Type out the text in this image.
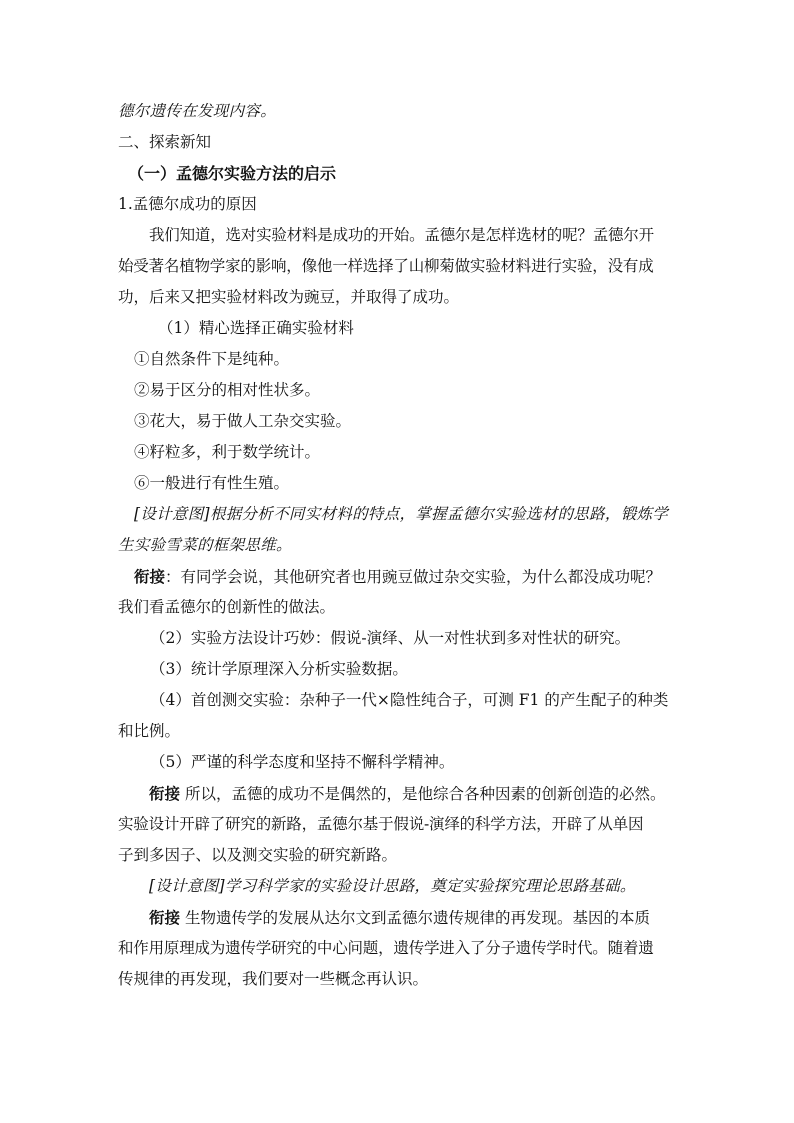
德尔遗传在发现内容。
二、探索新知
（一）孟德尔实验方法的启示
1.孟德尔成功的原因
我们知道，选对实验材料是成功的开始。孟德尔是怎样选材的呢？孟德尔开
始受著名植物学家的影响，像他一样选择了山柳菊做实验材料进行实验，没有成
功，后来又把实验材料改为豌豆，并取得了成功。
（1）精心选择正确实验材料
①自然条件下是纯种。
②易于区分的相对性状多。
③花大，易于做人工杂交实验。
④籽粒多，利于数学统计。
⑥一般进行有性生殖。
[设计意图]根据分析不同实材料的特点，掌握孟德尔实验选材的思路，锻炼学
生实验雪菜的框架思维。
衔接：有同学会说，其他研究者也用豌豆做过杂交实验，为什么都没成功呢？
我们看孟德尔的创新性的做法。
（2）实验方法设计巧妙：假说-演绎、从一对性状到多对性状的研究。
（3）统计学原理深入分析实验数据。
（4）首创测交实验：杂种子一代×隐性纯合子，可测 F1 的产生配子的种类
和比例。
（5）严谨的科学态度和坚持不懈科学精神。
衔接 所以，孟德的成功不是偶然的，是他综合各种因素的创新创造的必然。
实验设计开辟了研究的新路，孟德尔基于假说-演绎的科学方法，开辟了从单因
子到多因子、以及测交实验的研究新路。
[设计意图]学习科学家的实验设计思路，奠定实验探究理论思路基础。
衔接 生物遗传学的发展从达尔文到孟德尔遗传规律的再发现。基因的本质
和作用原理成为遗传学研究的中心问题，遗传学进入了分子遗传学时代。随着遗
传规律的再发现，我们要对一些概念再认识。
